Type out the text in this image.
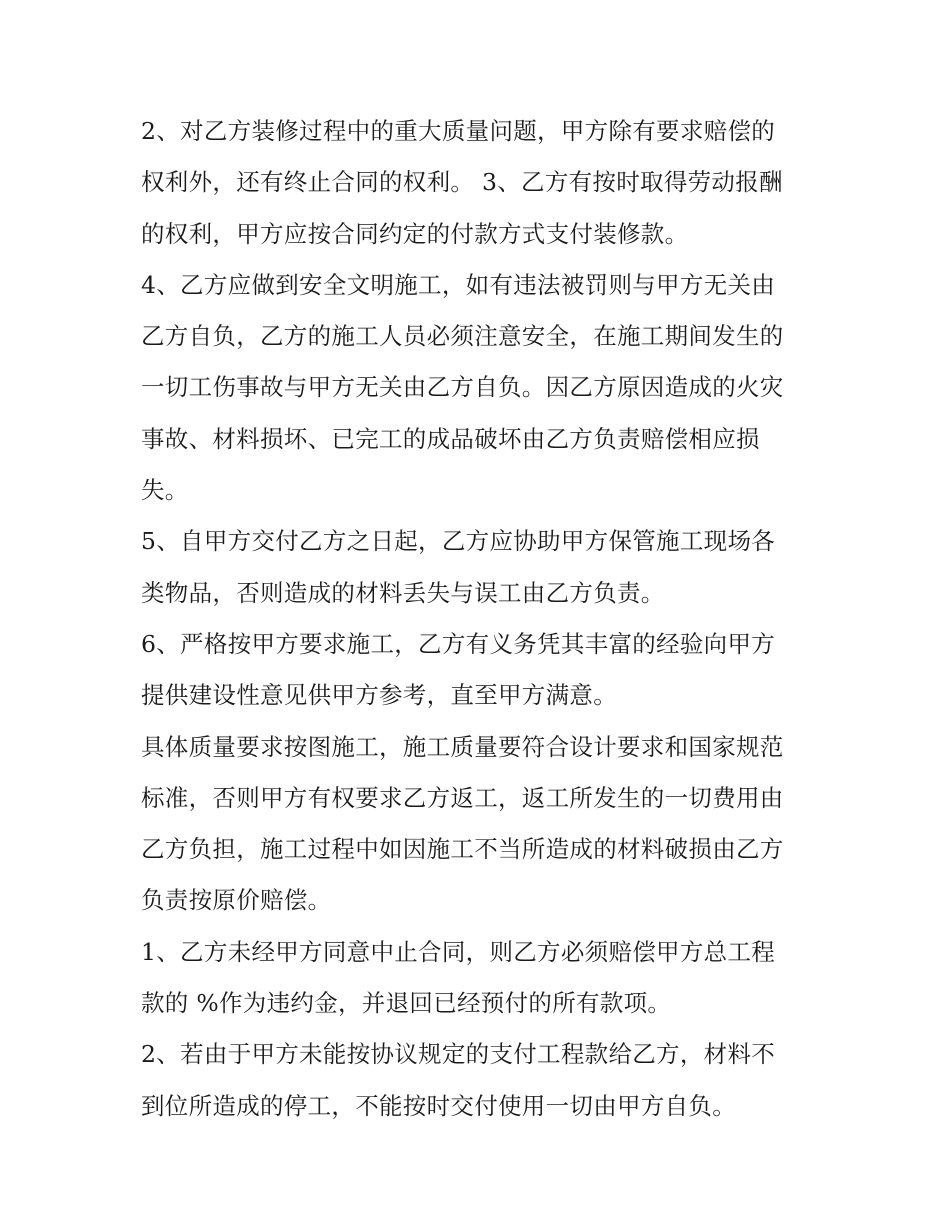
2、对乙方装修过程中的重大质量问题，甲方除有要求赔偿的
权利外，还有终止合同的权利。 3、乙方有按时取得劳动报酬
的权利，甲方应按合同约定的付款方式支付装修款。

4、乙方应做到安全文明施工，如有违法被罚则与甲方无关由
乙方自负，乙方的施工人员必须注意安全，在施工期间发生的
一切工伤事故与甲方无关由乙方自负。因乙方原因造成的火灾
事故、材料损坏、已完工的成品破坏由乙方负责赔偿相应损
失。

5、自甲方交付乙方之日起，乙方应协助甲方保管施工现场各
类物品，否则造成的材料丢失与误工由乙方负责。

6、严格按甲方要求施工，乙方有义务凭其丰富的经验向甲方
提供建设性意见供甲方参考，直至甲方满意。

具体质量要求按图施工，施工质量要符合设计要求和国家规范
标准，否则甲方有权要求乙方返工，返工所发生的一切费用由
乙方负担，施工过程中如因施工不当所造成的材料破损由乙方
负责按原价赔偿。

1、乙方未经甲方同意中止合同，则乙方必须赔偿甲方总工程
款的 %作为违约金，并退回已经预付的所有款项。

2、若由于甲方未能按协议规定的支付工程款给乙方，材料不
到位所造成的停工，不能按时交付使用一切由甲方自负。
